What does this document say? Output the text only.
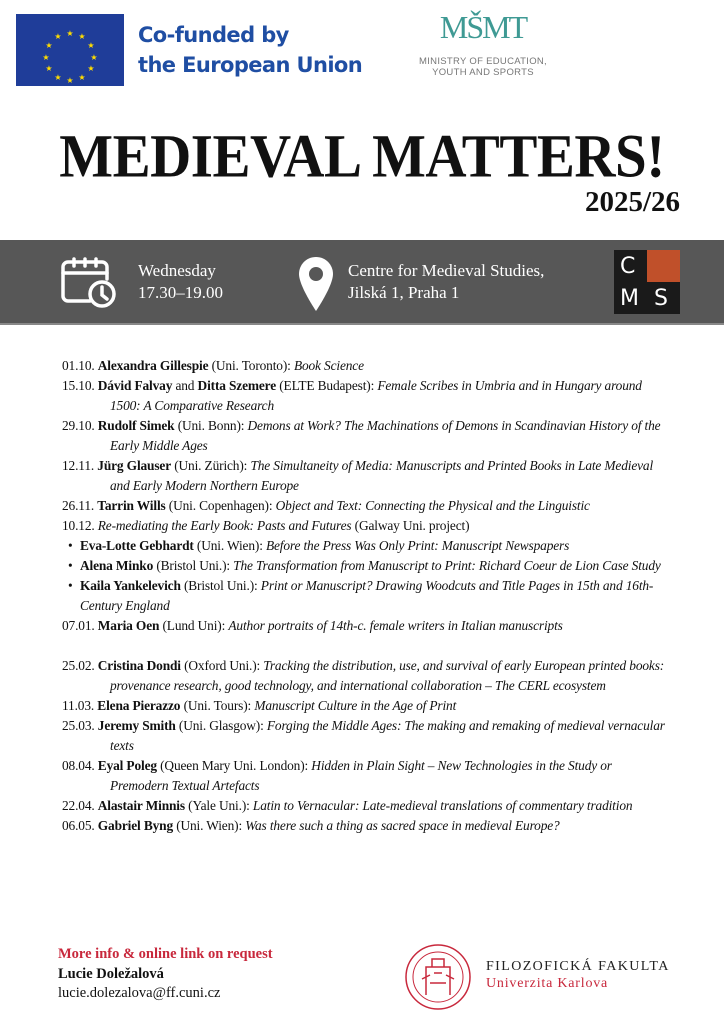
★ ★
★
★
★
★
★
★
★
★
★
★	Co-funded by
the European Union
MŠMT
MINISTRY OF EDUCATION,
YOUTH AND SPORTS
MEDIEVAL MATTERS!
2025/26
Wednesday
17.30–19.00
Centre for Medieval Studies,
Jilská 1, Praha 1
C
M S
01.10. Alexandra Gillespie (Uni. Toronto): Book Science
15.10. Dávid Falvay and Ditta Szemere (ELTE Budapest): Female Scribes in Umbria and in Hungary around 1500: A Comparative Research
29.10. Rudolf Simek (Uni. Bonn): Demons at Work? The Machinations of Demons in Scandinavian History of the Early Middle Ages
12.11. Jürg Glauser (Uni. Zürich): The Simultaneity of Media: Manuscripts and Printed Books in Late Medieval and Early Modern Northern Europe
26.11. Tarrin Wills (Uni. Copenhagen): Object and Text: Connecting the Physical and the Linguistic
10.12. Re-mediating the Early Book: Pasts and Futures (Galway Uni. project)
• Eva-Lotte Gebhardt (Uni. Wien): Before the Press Was Only Print: Manuscript Newspapers
• Alena Minko (Bristol Uni.): The Transformation from Manuscript to Print: Richard Coeur de Lion Case Study
• Kaila Yankelevich (Bristol Uni.): Print or Manuscript? Drawing Woodcuts and Title Pages in 15th and 16th-Century England
07.01. Maria Oen (Lund Uni): Author portraits of 14th-c. female writers in Italian manuscripts
25.02. Cristina Dondi (Oxford Uni.): Tracking the distribution, use, and survival of early European printed books: provenance research, good technology, and international collaboration – The CERL ecosystem
11.03. Elena Pierazzo (Uni. Tours): Manuscript Culture in the Age of Print
25.03. Jeremy Smith (Uni. Glasgow): Forging the Middle Ages: The making and remaking of medieval vernacular texts
08.04. Eyal Poleg (Queen Mary Uni. London): Hidden in Plain Sight – New Technologies in the Study or Premodern Textual Artefacts
22.04. Alastair Minnis (Yale Uni.): Latin to Vernacular: Late-medieval translations of commentary tradition
06.05. Gabriel Byng (Uni. Wien): Was there such a thing as sacred space in medieval Europe?
More info & online link on request
Lucie Doležalová
lucie.dolezalova@ff.cuni.cz
FILOZOFICKÁ FAKULTA
Univerzita Karlova
